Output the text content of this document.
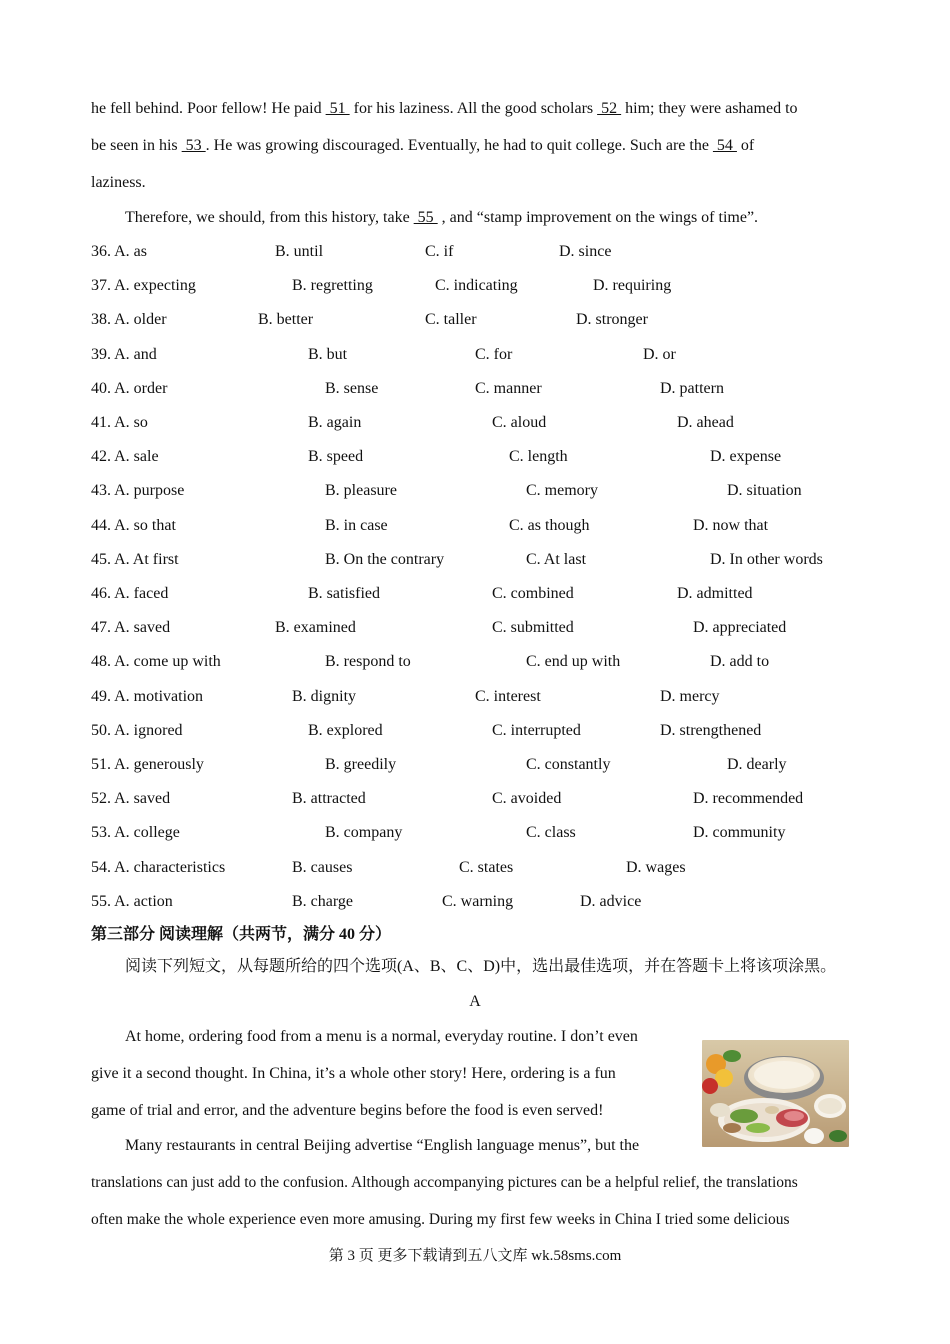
he fell behind. Poor fellow! He paid  51  for his laziness. All the good scholars  52  him; they were ashamed to

be seen in his  53 . He was growing discouraged. Eventually, he had to quit college. Such are the  54  of

laziness.

Therefore, we should, from this history, take  55  , and “stamp improvement on the wings of time”.

36. A. as	B. until	C. if	D. since
37. A. expecting	B. regretting	C. indicating	D. requiring
38. A. older	B. better	C. taller	D. stronger
39. A. and	B. but	C. for	D. or
40. A. order	B. sense	C. manner	D. pattern
41. A. so	B. again	C. aloud	D. ahead
42. A. sale	B. speed	C. length	D. expense
43. A. purpose	B. pleasure	C. memory	D. situation
44. A. so that	B. in case	C. as though	D. now that
45. A. At first	B. On the contrary	C. At last	D. In other words
46. A. faced	B. satisfied	C. combined	D. admitted
47. A. saved	B. examined	C. submitted	D. appreciated
48. A. come up with	B. respond to	C. end up with	D. add to
49. A. motivation	B. dignity	C. interest	D. mercy
50. A. ignored	B. explored	C. interrupted	D. strengthened
51. A. generously	B. greedily	C. constantly	D. dearly
52. A. saved	B. attracted	C. avoided	D. recommended
53. A. college	B. company	C. class	D. community
54. A. characteristics	B. causes	C. states	D. wages
55. A. action	B. charge	C. warning	D. advice
第三部分 阅读理解（共两节，满分 40 分）
阅读下列短文，从每题所给的四个选项(A、B、C、D)中，选出最佳选项，并在答题卡上将该项涂黑。
A

At home, ordering food from a menu is a normal, everyday routine. I don’t even

give it a second thought. In China, it’s a whole other story! Here, ordering is a fun

game of trial and error, and the adventure begins before the food is even served!

Many restaurants in central Beijing advertise “English language menus”, but the

translations can just add to the confusion. Although accompanying pictures can be a helpful relief, the translations

often make the whole experience even more amusing. During my first few weeks in China I tried some delicious

第 3 页 更多下载请到五八文库 wk.58sms.com
